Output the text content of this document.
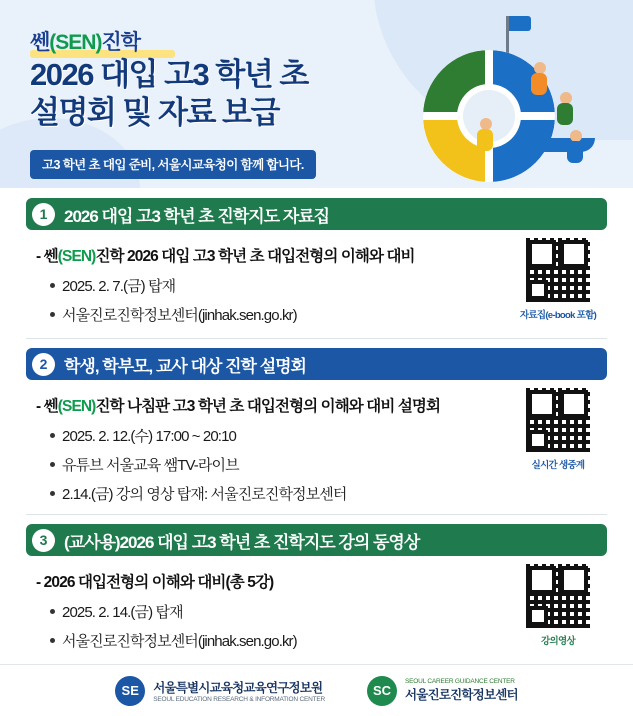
쎈(SEN)진학
2026 대입 고3 학년 초
설명회 및 자료 보급
고3 학년 초 대입 준비, 서울시교육청이 함께 합니다.
1 2026 대입 고3 학년 초 진학지도 자료집
- 쎈(SEN)진학 2026 대입 고3 학년 초 대입전형의 이해와 대비
2025. 2. 7.(금) 탑재
서울진로진학정보센터(jinhak.sen.go.kr)	자료집(e-book 포함)
2 학생, 학부모, 교사 대상 진학 설명회
- 쎈(SEN)진학 나침판 고3 학년 초 대입전형의 이해와 대비 설명회
2025. 2. 12.(수) 17:00 ~ 20:10
유튜브 서울교육 쌤TV-라이브
2.14.(금) 강의 영상 탑재: 서울진로진학정보센터
실시간 생중계
3 (교사용)2026 대입 고3 학년 초 진학지도 강의 동영상
- 2026 대입전형의 이해와 대비(총 5강)
2025. 2. 14.(금) 탑재
서울진로진학정보센터(jinhak.sen.go.kr)	강의영상
SE	서울특별시교육청교육연구정보원
SEOUL EDUCATION RESEARCH & INFORMATION CENTER
SC
SEOUL CAREER GUIDANCE CENTER
서울진로진학정보센터
